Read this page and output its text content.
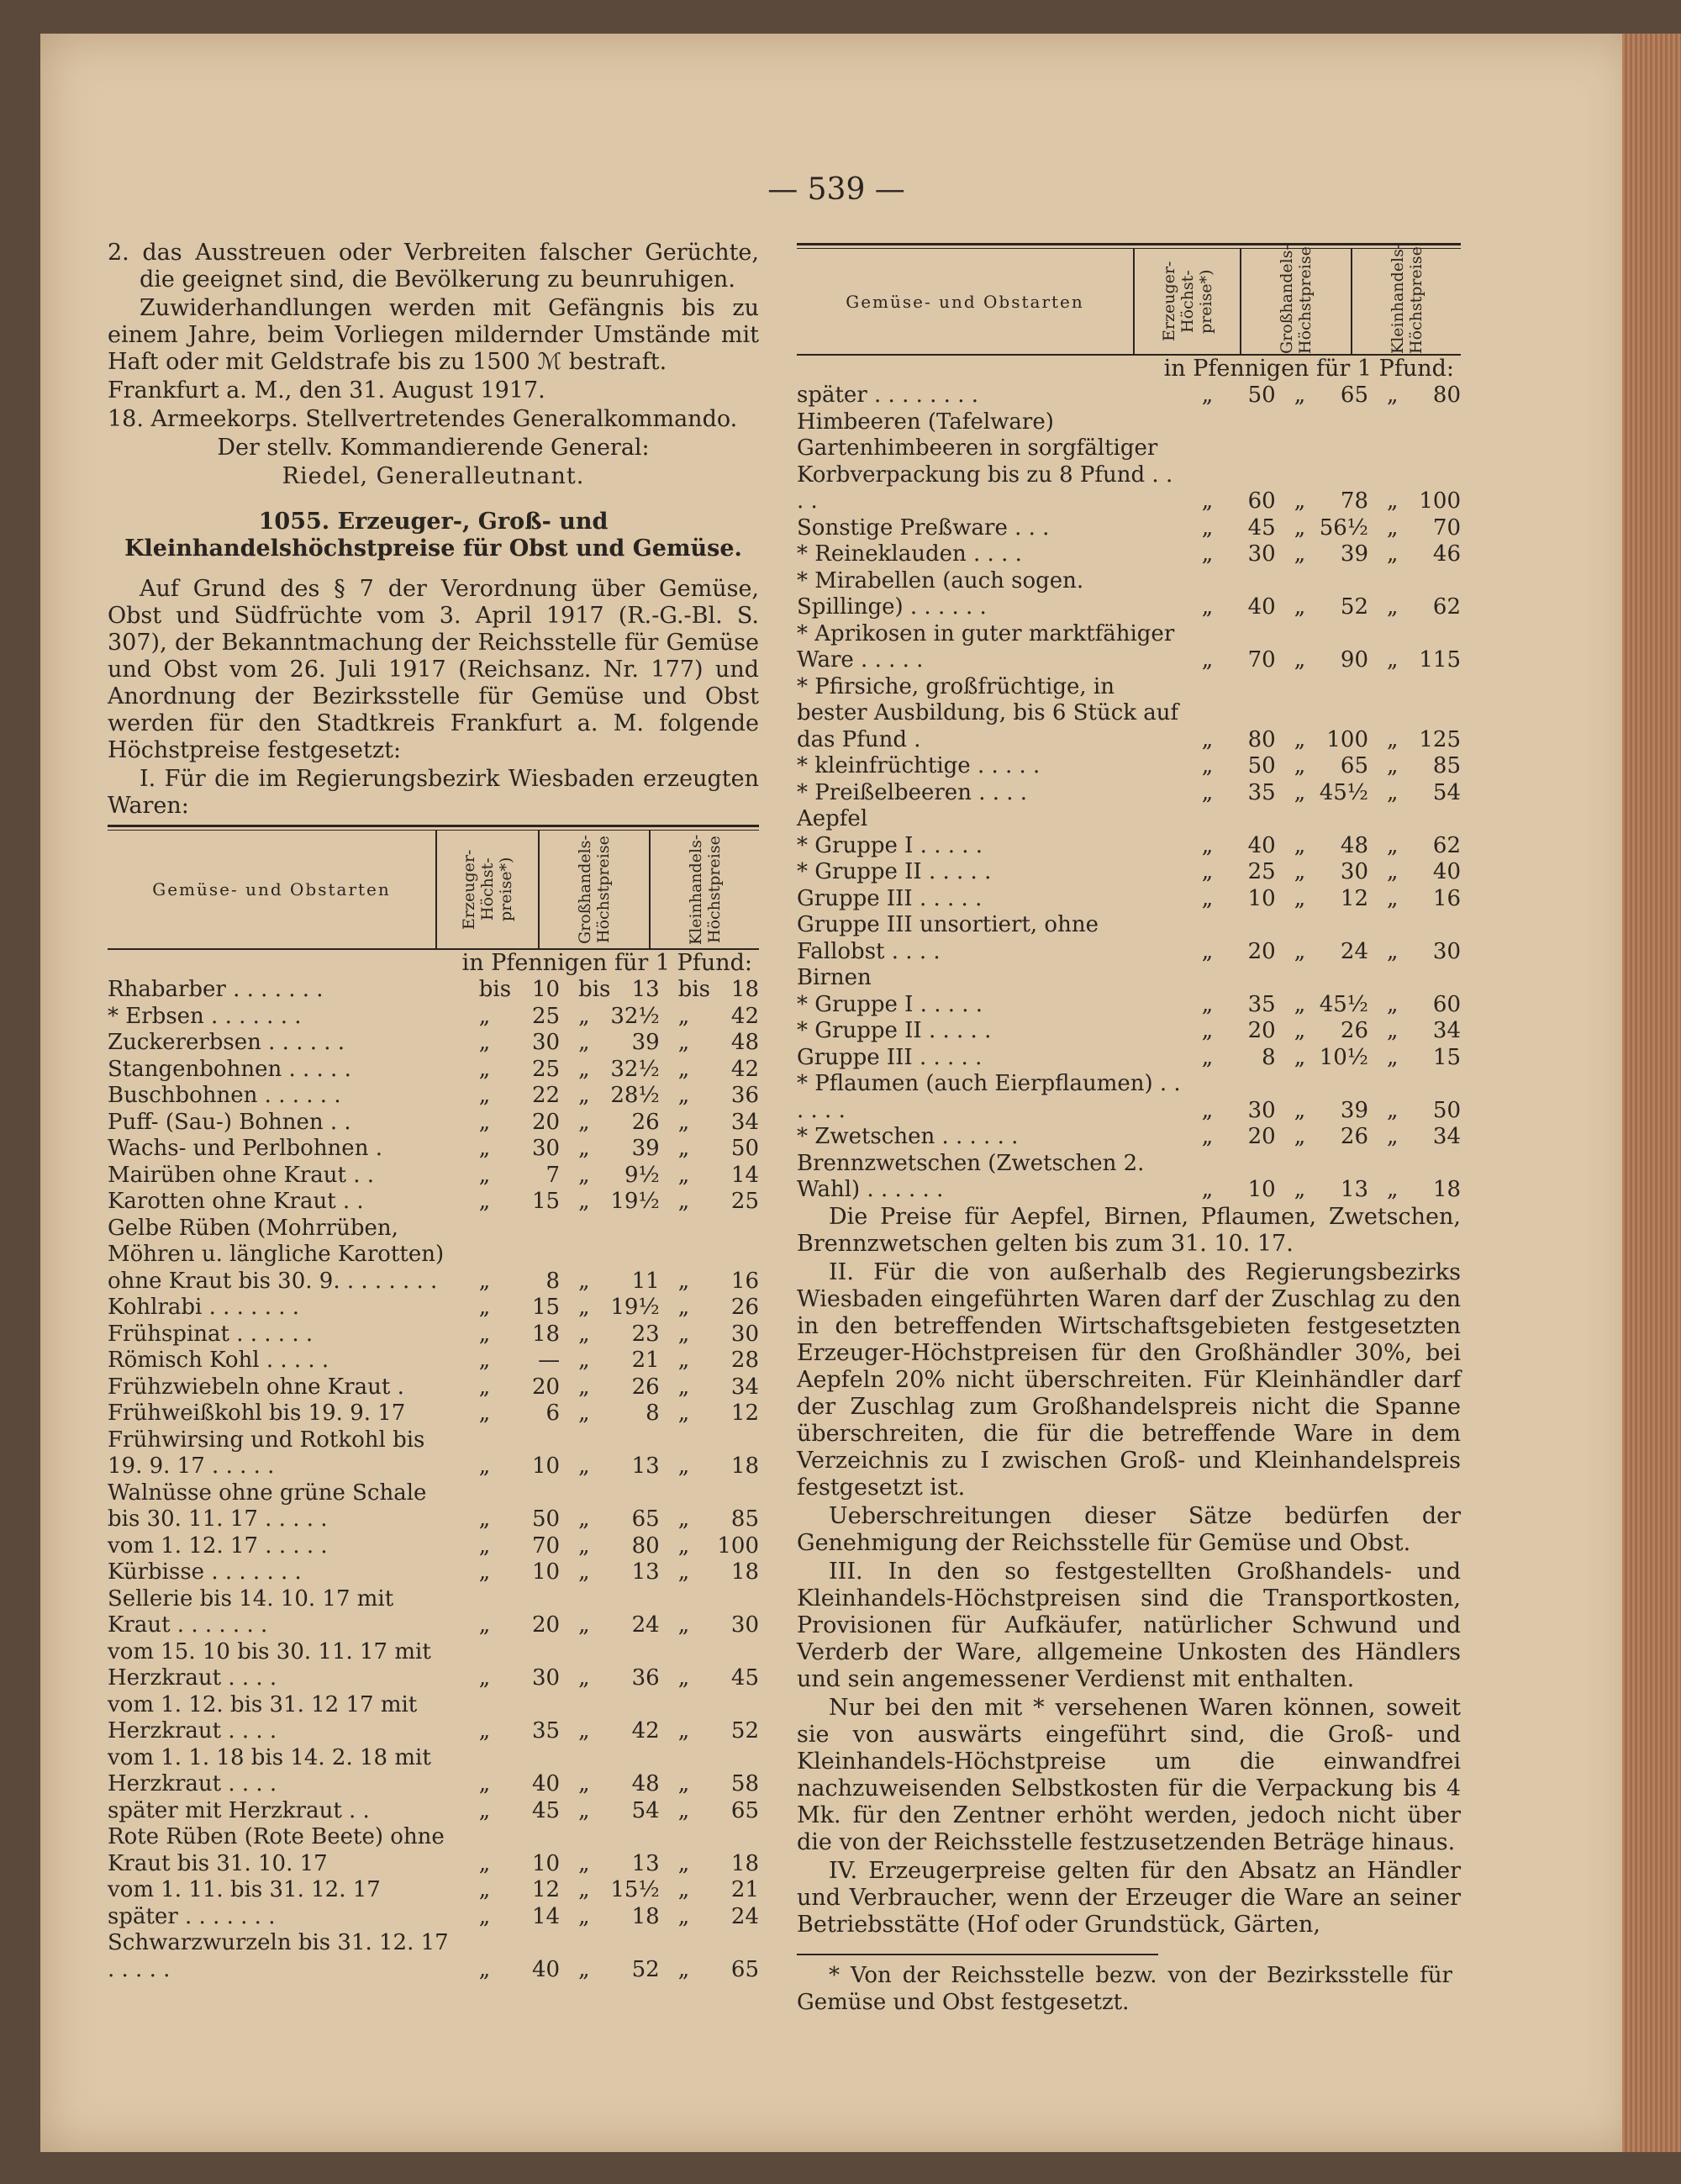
— 539 —

2. das Ausstreuen oder Verbreiten falscher Gerüchte, die geeignet sind, die Bevölkerung zu beunruhigen.

Zuwiderhandlungen werden mit Gefängnis bis zu einem Jahre, beim Vorliegen mildernder Umstände mit Haft oder mit Geldstrafe bis zu 1500 ℳ bestraft.

Frankfurt a. M., den 31. August 1917.

18. Armeekorps. Stellvertretendes Generalkommando.

Der stellv. Kommandierende General:

Riedel, Generalleutnant.

1055. Erzeuger-, Groß- und Kleinhandelshöchstpreise für Obst und Gemüse.

Auf Grund des § 7 der Verordnung über Gemüse, Obst und Südfrüchte vom 3. April 1917 (R.-G.-Bl. S. 307), der Bekanntmachung der Reichsstelle für Gemüse und Obst vom 26. Juli 1917 (Reichsanz. Nr. 177) und Anordnung der Bezirksstelle für Gemüse und Obst werden für den Stadtkreis Frankfurt a. M. folgende Höchstpreise festgesetzt:

I. Für die im Regierungsbezirk Wiesbaden erzeugten Waren:

Gemüse- und Obstarten	Erzeuger-Höchst-preise*)	Großhandels-Höchstpreise	Kleinhandels-Höchstpreise
in Pfennigen für 1 Pfund:
Rhabarber . . . . . . .	bis	10	bis	13	bis	18
* Erbsen . . . . . . .	„	25	„	32½	„	42
Zuckererbsen . . . . . .	„	30	„	39	„	48
Stangenbohnen . . . . .	„	25	„	32½	„	42
Buschbohnen . . . . . .	„	22	„	28½	„	36
Puff- (Sau-) Bohnen . .	„	20	„	26	„	34
Wachs- und Perlbohnen .	„	30	„	39	„	50
Mairüben ohne Kraut . .	„	7	„	9½	„	14
Karotten ohne Kraut . .	„	15	„	19½	„	25
Gelbe Rüben (Mohrrüben, Möhren u. längliche Karotten) ohne Kraut bis 30. 9. . . . . . . .	„	8	„	11	„	16
Kohlrabi . . . . . . .	„	15	„	19½	„	26
Frühspinat . . . . . .	„	18	„	23	„	30
Römisch Kohl . . . . .	„	—	„	21	„	28
Frühzwiebeln ohne Kraut .	„	20	„	26	„	34
Frühweißkohl bis 19. 9. 17	„	6	„	8	„	12
Frühwirsing und Rotkohl bis 19. 9. 17 . . . . .	„	10	„	13	„	18
Walnüsse ohne grüne Schale bis 30. 11. 17 . . . . .	„	50	„	65	„	85
vom 1. 12. 17 . . . . .	„	70	„	80	„	100
Kürbisse . . . . . . .	„	10	„	13	„	18
Sellerie bis 14. 10. 17 mit Kraut . . . . . . .	„	20	„	24	„	30
vom 15. 10 bis 30. 11. 17 mit Herzkraut . . . .	„	30	„	36	„	45
vom 1. 12. bis 31. 12 17 mit Herzkraut . . . .	„	35	„	42	„	52
vom 1. 1. 18 bis 14. 2. 18 mit Herzkraut . . . .	„	40	„	48	„	58
später mit Herzkraut . .	„	45	„	54	„	65
Rote Rüben (Rote Beete) ohne Kraut bis 31. 10. 17	„	10	„	13	„	18
vom 1. 11. bis 31. 12. 17	„	12	„	15½	„	21
später . . . . . . .	„	14	„	18	„	24
Schwarzwurzeln bis 31. 12. 17 . . . . .	„	40	„	52	„	65
Gemüse- und Obstarten	Erzeuger-Höchst-preise*)	Großhandels-Höchstpreise	Kleinhandels-Höchstpreise
in Pfennigen für 1 Pfund:
später . . . . . . . .	„	50	„	65	„	80
Himbeeren (Tafelware) Gartenhimbeeren in sorgfältiger Korbverpackung bis zu 8 Pfund . . . .	„	60	„	78	„	100
Sonstige Preßware . . .	„	45	„	56½	„	70
* Reineklauden . . . .	„	30	„	39	„	46
* Mirabellen (auch sogen. Spillinge) . . . . . .	„	40	„	52	„	62
* Aprikosen in guter marktfähiger Ware . . . . .	„	70	„	90	„	115
* Pfirsiche, großfrüchtige, in bester Ausbildung, bis 6 Stück auf das Pfund .	„	80	„	100	„	125
* kleinfrüchtige . . . . .	„	50	„	65	„	85
* Preißelbeeren . . . .	„	35	„	45½	„	54
Aepfel						
* Gruppe I . . . . .	„	40	„	48	„	62
* Gruppe II . . . . .	„	25	„	30	„	40
Gruppe III . . . . .	„	10	„	12	„	16
Gruppe III unsortiert, ohne Fallobst . . . .	„	20	„	24	„	30
Birnen						
* Gruppe I . . . . .	„	35	„	45½	„	60
* Gruppe II . . . . .	„	20	„	26	„	34
Gruppe III . . . . .	„	8	„	10½	„	15
* Pflaumen (auch Eierpflaumen) . . . . . .	„	30	„	39	„	50
* Zwetschen . . . . . .	„	20	„	26	„	34
Brennzwetschen (Zwetschen 2. Wahl) . . . . . .	„	10	„	13	„	18

Die Preise für Aepfel, Birnen, Pflaumen, Zwetschen, Brennzwetschen gelten bis zum 31. 10. 17.

II. Für die von außerhalb des Regierungsbezirks Wiesbaden eingeführten Waren darf der Zuschlag zu den in den betreffenden Wirtschaftsgebieten festgesetzten Erzeuger-Höchstpreisen für den Großhändler 30%, bei Aepfeln 20% nicht überschreiten. Für Kleinhändler darf der Zuschlag zum Großhandelspreis nicht die Spanne überschreiten, die für die betreffende Ware in dem Verzeichnis zu I zwischen Groß- und Kleinhandelspreis festgesetzt ist.

Ueberschreitungen dieser Sätze bedürfen der Genehmigung der Reichsstelle für Gemüse und Obst.

III. In den so festgestellten Großhandels- und Kleinhandels-Höchstpreisen sind die Transportkosten, Provisionen für Aufkäufer, natürlicher Schwund und Verderb der Ware, allgemeine Unkosten des Händlers und sein angemessener Verdienst mit enthalten.

Nur bei den mit * versehenen Waren können, soweit sie von auswärts eingeführt sind, die Groß- und Kleinhandels-Höchstpreise um die einwandfrei nachzuweisenden Selbstkosten für die Verpackung bis 4 Mk. für den Zentner erhöht werden, jedoch nicht über die von der Reichsstelle festzusetzenden Beträge hinaus.

IV. Erzeugerpreise gelten für den Absatz an Händler und Verbraucher, wenn der Erzeuger die Ware an seiner Betriebsstätte (Hof oder Grundstück, Gärten,

* Von der Reichsstelle bezw. von der Bezirksstelle für Gemüse und Obst festgesetzt.
